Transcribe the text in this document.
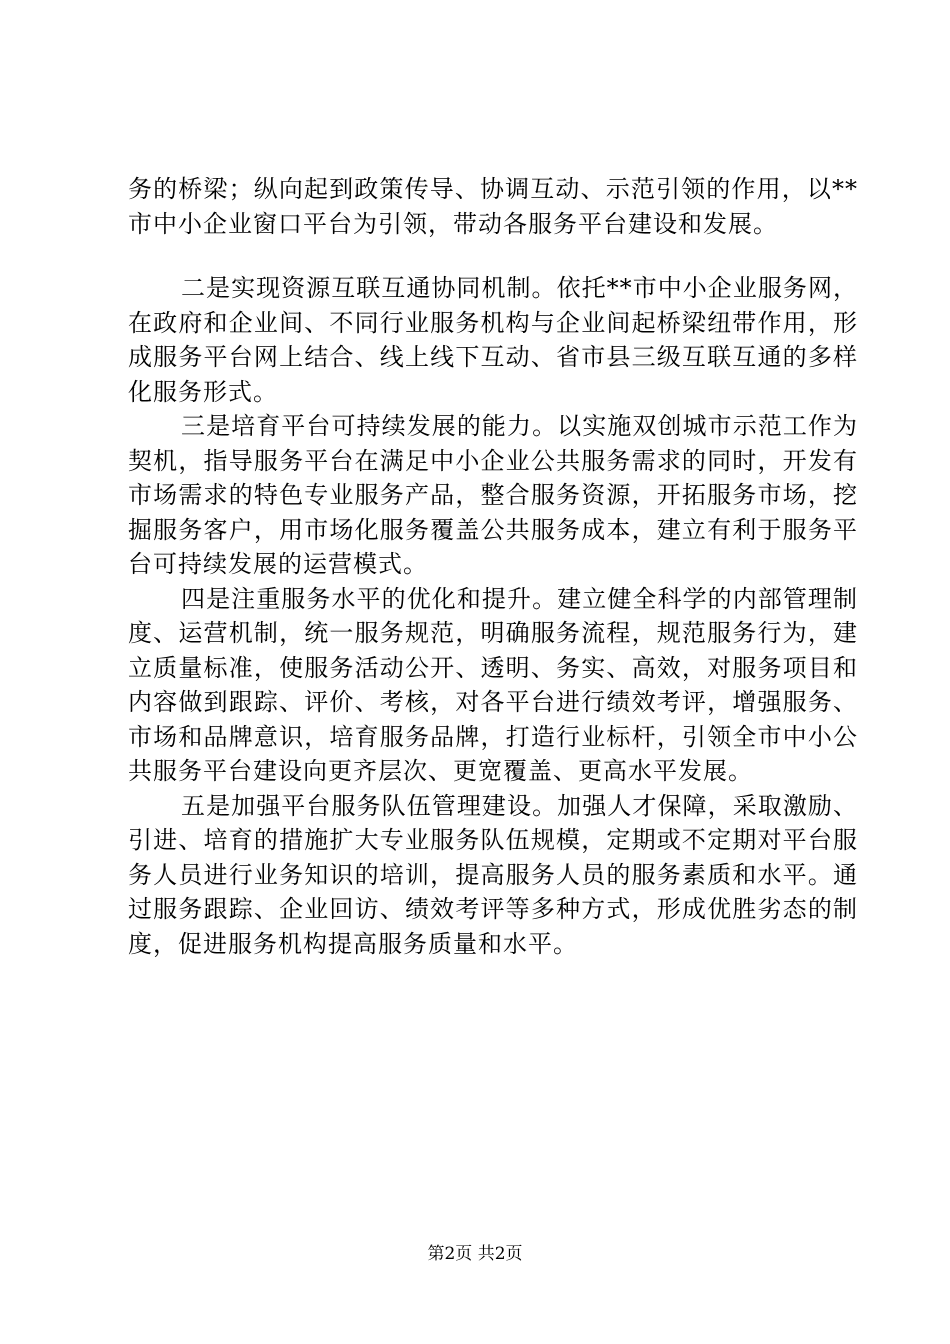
务的桥梁；纵向起到政策传导、协调互动、示范引领的作用，以**市中小企业窗口平台为引领，带动各服务平台建设和发展。

二是实现资源互联互通协同机制。依托**市中小企业服务网，在政府和企业间、不同行业服务机构与企业间起桥梁纽带作用，形成服务平台网上结合、线上线下互动、省市县三级互联互通的多样化服务形式。

三是培育平台可持续发展的能力。以实施双创城市示范工作为契机，指导服务平台在满足中小企业公共服务需求的同时，开发有市场需求的特色专业服务产品，整合服务资源，开拓服务市场，挖掘服务客户，用市场化服务覆盖公共服务成本，建立有利于服务平台可持续发展的运营模式。

四是注重服务水平的优化和提升。建立健全科学的内部管理制度、运营机制，统一服务规范，明确服务流程，规范服务行为，建立质量标准，使服务活动公开、透明、务实、高效，对服务项目和内容做到跟踪、评价、考核，对各平台进行绩效考评，增强服务、市场和品牌意识，培育服务品牌，打造行业标杆，引领全市中小公共服务平台建设向更齐层次、更宽覆盖、更高水平发展。

五是加强平台服务队伍管理建设。加强人才保障，采取激励、引进、培育的措施扩大专业服务队伍规模，定期或不定期对平台服务人员进行业务知识的培训，提高服务人员的服务素质和水平。通过服务跟踪、企业回访、绩效考评等多种方式，形成优胜劣态的制度，促进服务机构提高服务质量和水平。

第2页 共2页
